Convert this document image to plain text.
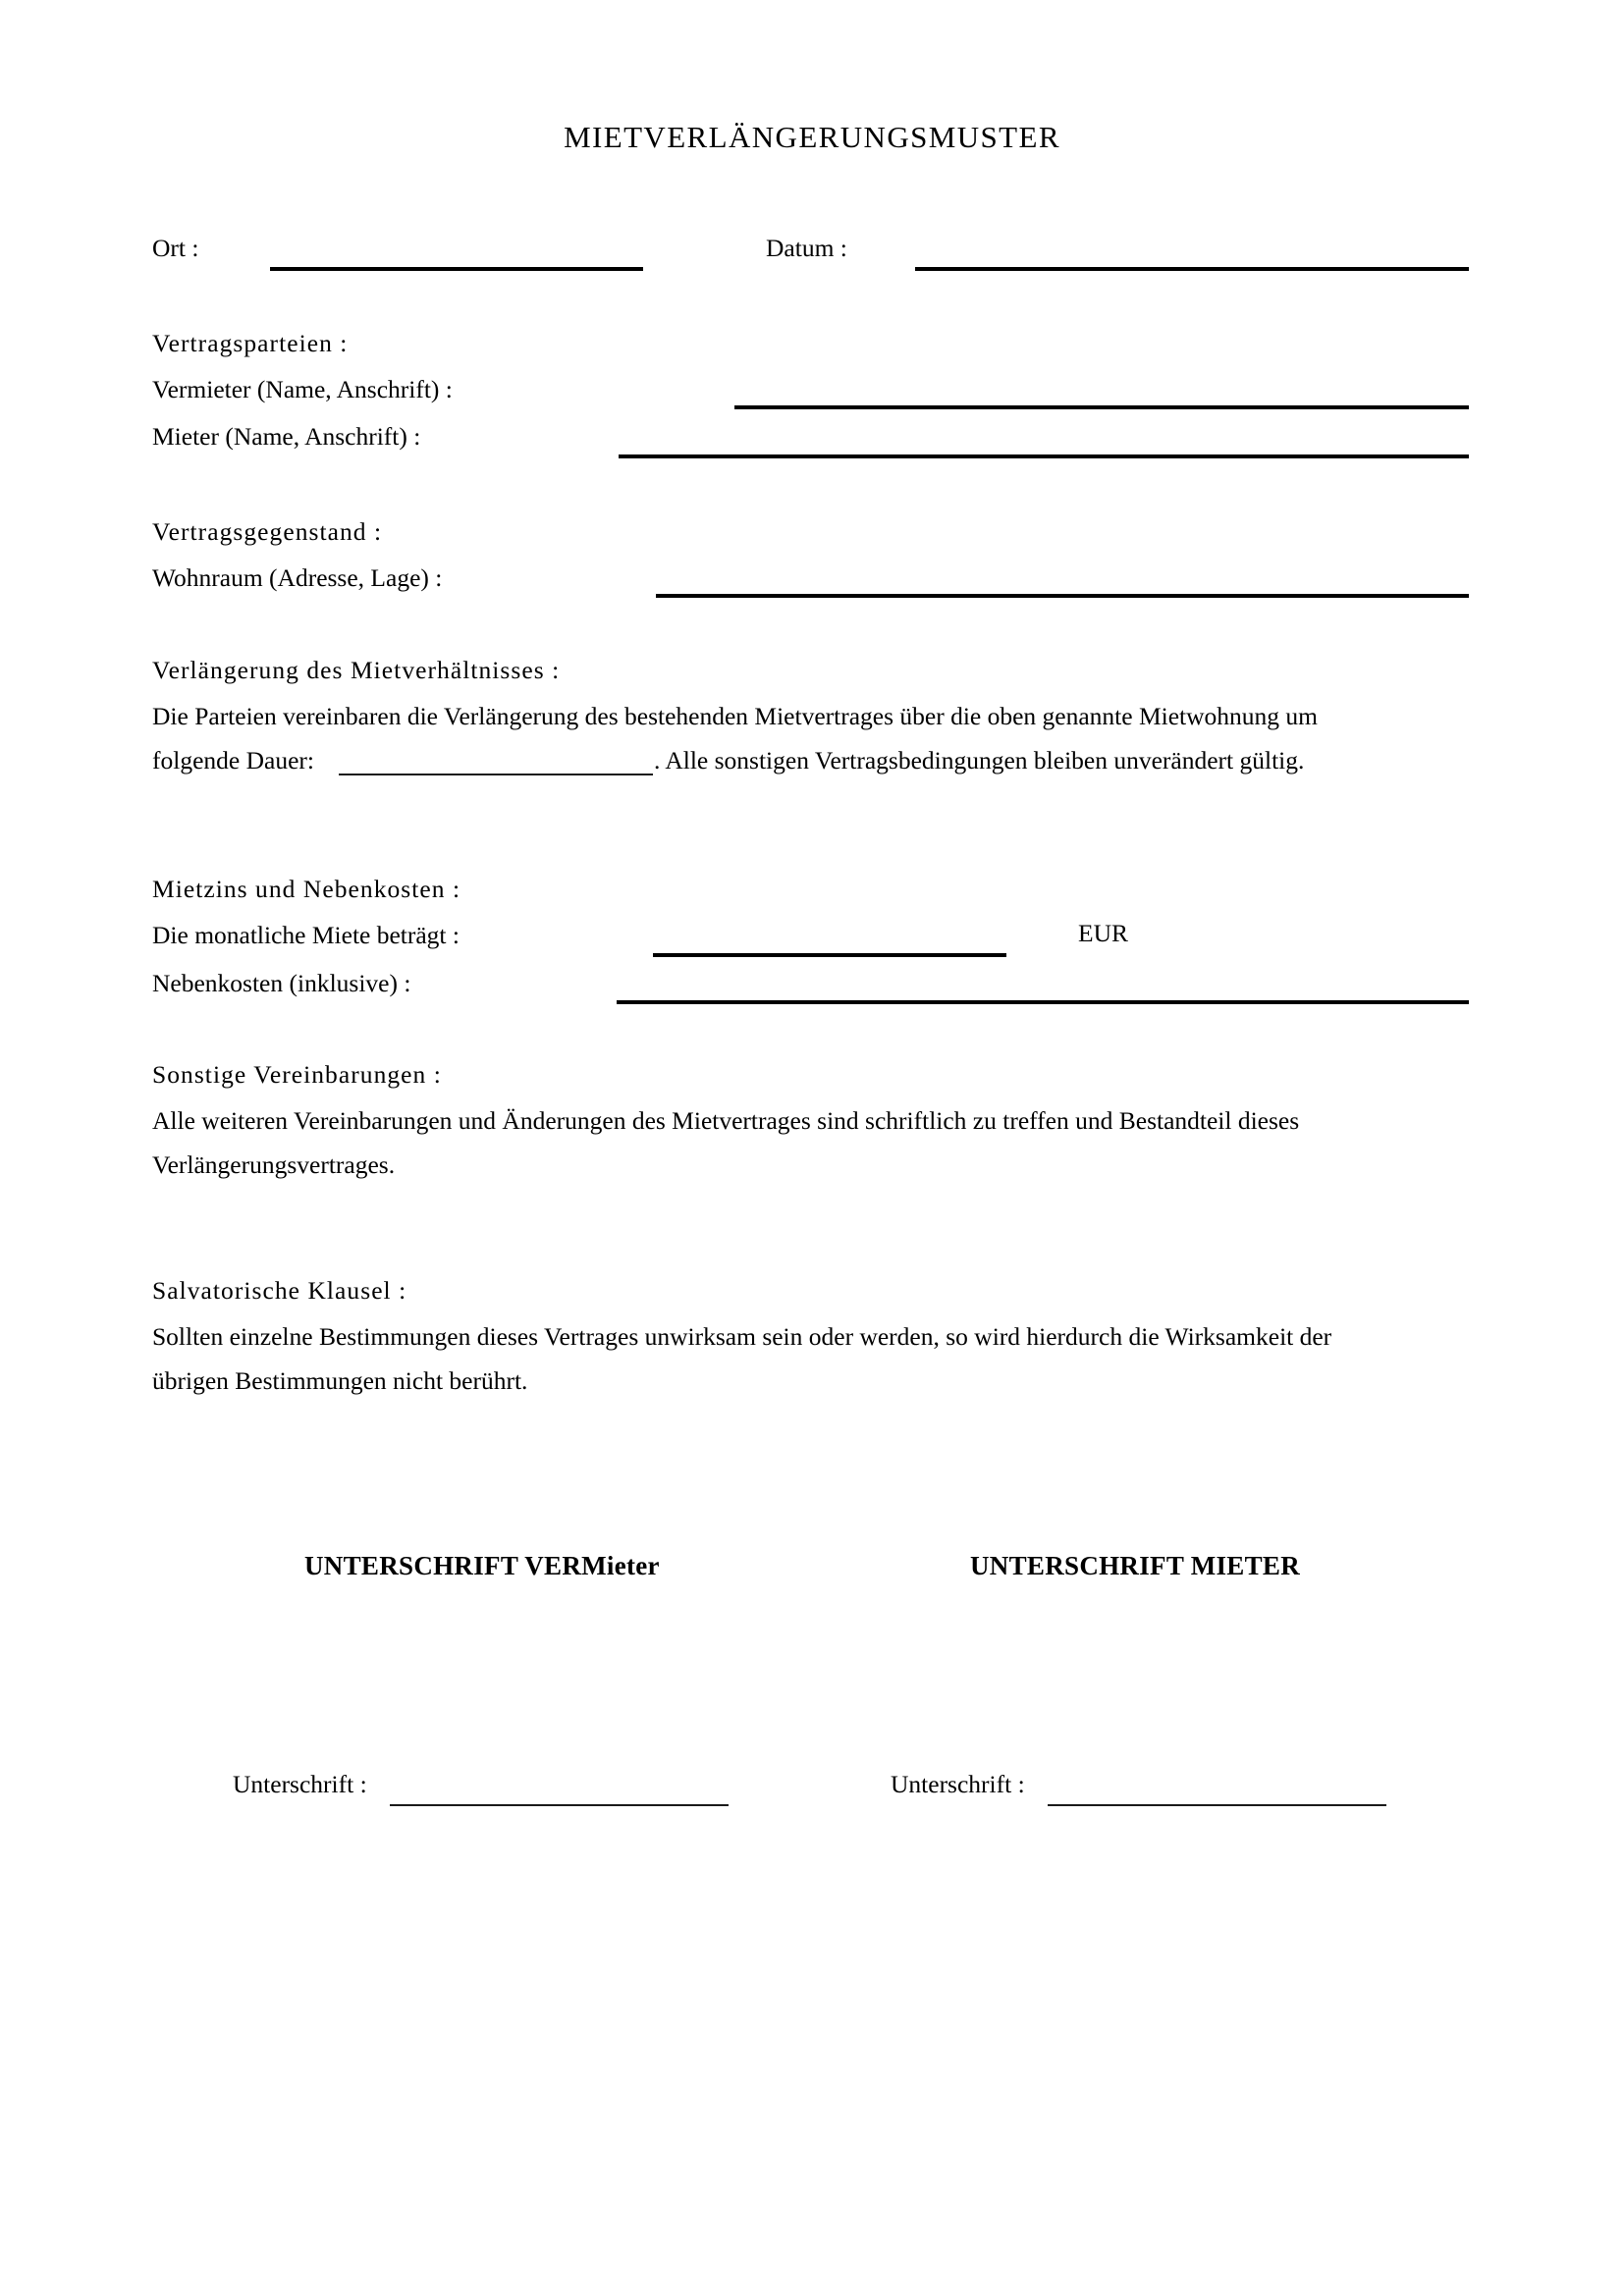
MIETVERLÄNGERUNGSMUSTER
Ort :	Datum :
Vertragsparteien :
Vermieter (Name, Anschrift) :
Mieter (Name, Anschrift) :
Vertragsgegenstand :
Wohnraum (Adresse, Lage) :
Verlängerung des Mietverhältnisses :
Die Parteien vereinbaren die Verlängerung des bestehenden Mietvertrages über die oben genannte Mietwohnung um
folgende Dauer:	. Alle sonstigen Vertragsbedingungen bleiben unverändert gültig.
Mietzins und Nebenkosten :
Die monatliche Miete beträgt :	EUR
Nebenkosten (inklusive) :
Sonstige Vereinbarungen :
Alle weiteren Vereinbarungen und Änderungen des Mietvertrages sind schriftlich zu treffen und Bestandteil dieses
Verlängerungsvertrages.
Salvatorische Klausel :
Sollten einzelne Bestimmungen dieses Vertrages unwirksam sein oder werden, so wird hierdurch die Wirksamkeit der
übrigen Bestimmungen nicht berührt.
UNTERSCHRIFT VERMieter	UNTERSCHRIFT MIETER
Unterschrift :	Unterschrift :
